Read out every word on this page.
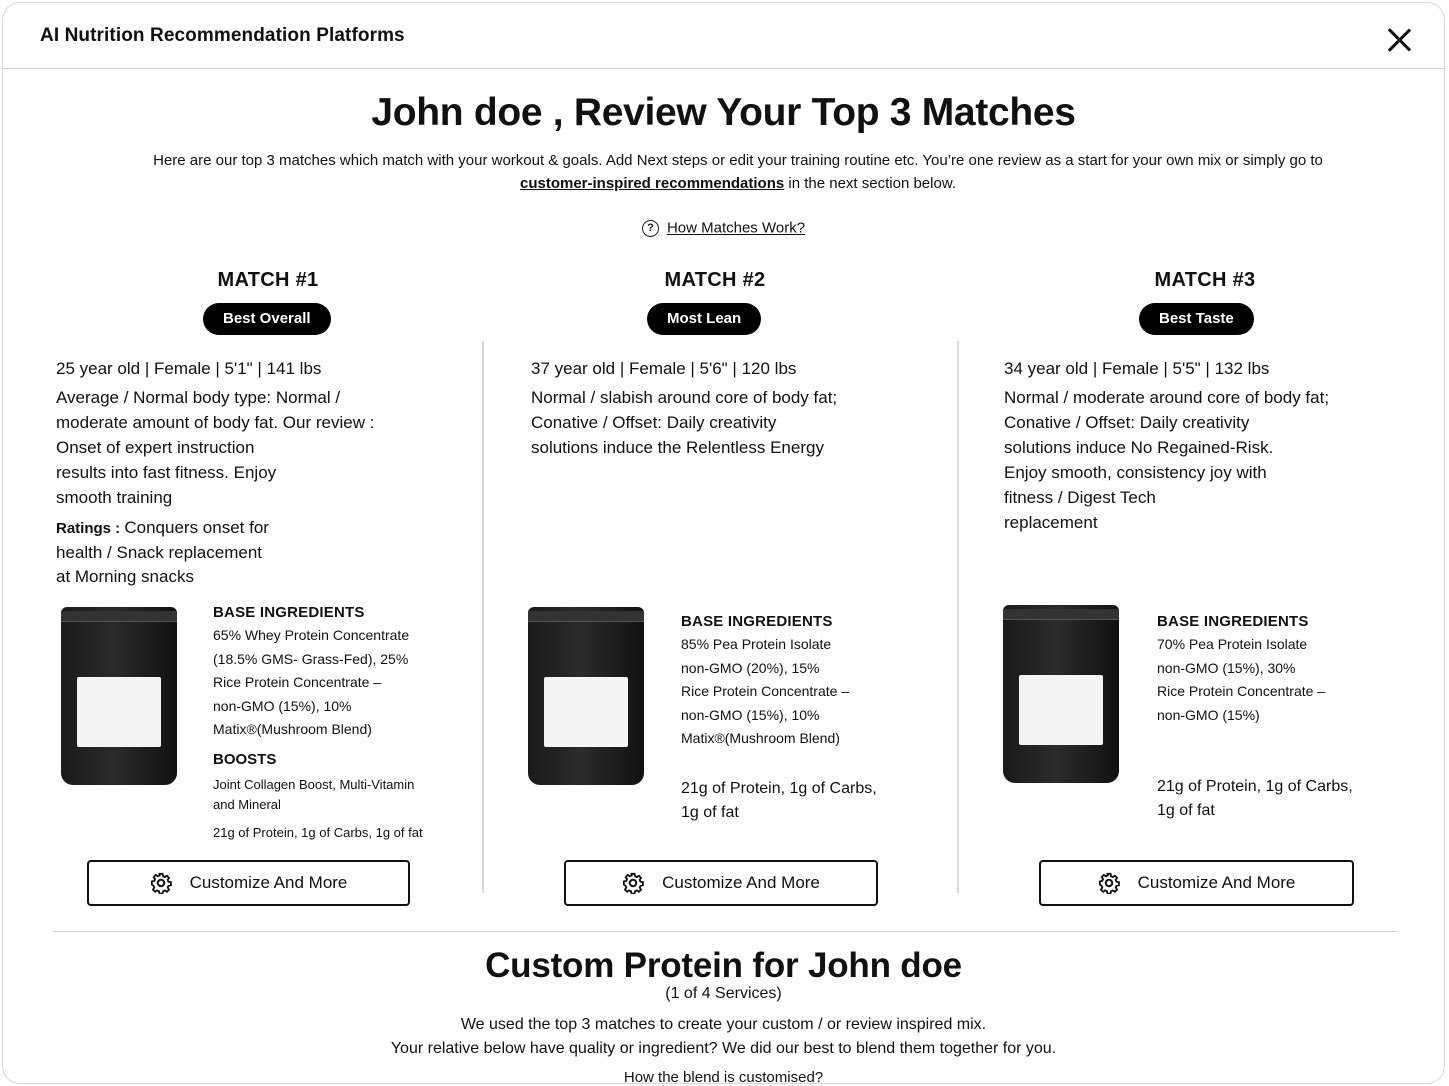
AI Nutrition Recommendation Platforms
John doe , Review Your Top 3 Matches
Here are our top 3 matches which match with your workout & goals. Add Next steps or edit your training routine etc. You’re one review as a start for your own mix or simply go to
customer-inspired recommendations in the next section below.
? How Matches Work?
MATCH #1
Best Overall
25 year old | Female | 5'1" | 141 lbs
Average / Normal body type: Normal /
moderate amount of body fat. Our review :
Onset of expert instruction
results into fast fitness. Enjoy
smooth training
Ratings : Conquers onset for
health / Snack replacement
at Morning snacks
BASE INGREDIENTS
65% Whey Protein Concentrate
(18.5% GMS- Grass-Fed), 25%
Rice Protein Concentrate –
non-GMO (15%), 10%
Matix®(Mushroom Blend)
BOOSTS
Joint Collagen Boost, Multi-Vitamin
and Mineral
21g of Protein, 1g of Carbs, 1g of fat
Customize And More
MATCH #2
Most Lean
37 year old | Female | 5'6" | 120 lbs
Normal / slabish around core of body fat;
Conative / Offset: Daily creativity
solutions induce the Relentless Energy
BASE INGREDIENTS
85% Pea Protein Isolate
non-GMO (20%), 15%
Rice Protein Concentrate –
non-GMO (15%), 10%
Matix®(Mushroom Blend)
21g of Protein, 1g of Carbs,
1g of fat
Customize And More
MATCH #3
Best Taste
34 year old | Female | 5'5" | 132 lbs
Normal / moderate around core of body fat;
Conative / Offset: Daily creativity
solutions induce No Regained-Risk.
Enjoy smooth, consistency joy with
fitness / Digest Tech
replacement
BASE INGREDIENTS
70% Pea Protein Isolate
non-GMO (15%), 30%
Rice Protein Concentrate –
non-GMO (15%)
21g of Protein, 1g of Carbs,
1g of fat
Customize And More
Custom Protein for John doe
(1 of 4 Services)
We used the top 3 matches to create your custom / or review inspired mix.
Your relative below have quality or ingredient? We did our best to blend them together for you.
How the blend is customised?
